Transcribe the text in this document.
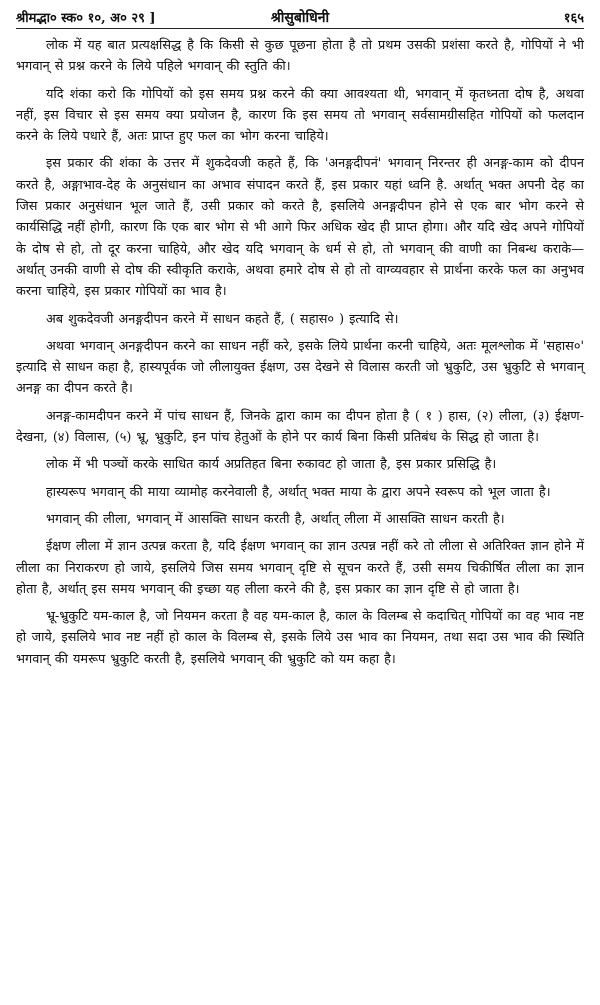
श्रीमद्भा० स्क० १०, अ० २९ ]	श्रीसुबोधिनी	१६५

लोक में यह बात प्रत्यक्षसिद्ध है कि किसी से कुछ पूछना होता है तो प्रथम उसकी प्रशंसा करते है, गोपियों ने भी भगवान् से प्रश्न करने के लिये पहिले भगवान् की स्तुति की।

यदि शंका करो कि गोपियों को इस समय प्रश्न करने की क्या आवश्यता थी, भगवान् में कृतध्नता दोष है, अथवा नहीं, इस विचार से इस समय क्या प्रयोजन है, कारण कि इस समय तो भगवान् सर्वसामग्रीसहित गोपियों को फलदान करने के लिये पधारे हैं, अतः प्राप्त हुए फल का भोग करना चाहिये।

इस प्रकार की शंका के उत्तर में शुकदेवजी कहते हैं, कि 'अनङ्गदीपनं' भगवान् निरन्तर ही अनङ्ग-काम को दीपन करते है, अङ्गाभाव-देह के अनुसंधान का अभाव संपादन करते हैं, इस प्रकार यहां ध्वनि है. अर्थात् भक्त अपनी देह का जिस प्रकार अनुसंधान भूल जाते हैं, उसी प्रकार को करते है, इसलिये अनङ्गदीपन होने से एक बार भोग करने से कार्यसिद्धि नहीं होगी, कारण कि एक बार भोग से भी आगे फिर अधिक खेद ही प्राप्त होगा। और यदि खेद अपने गोपियों के दोष से हो, तो दूर करना चाहिये, और खेद यदि भगवान् के धर्म से हो, तो भगवान् की वाणी का निबन्ध कराके—अर्थात् उनकी वाणी से दोष की स्वीकृति कराके, अथवा हमारे दोष से हो तो वाग्व्यवहार से प्रार्थना करके फल का अनुभव करना चाहिये, इस प्रकार गोपियों का भाव है।

अब शुकदेवजी अनङ्गदीपन करने में साधन कहते हैं, ( सहास० ) इत्यादि से।

अथवा भगवान् अनङ्गदीपन करने का साधन नहीं करे, इसके लिये प्रार्थना करनी चाहिये, अतः मूलश्लोक में 'सहास०' इत्यादि से साधन कहा है, हास्यपूर्वक जो लीलायुक्त ईक्षण, उस देखने से विलास करती जो भ्रुकुटि, उस भ्रुकुटि से भगवान् अनङ्ग का दीपन करते है।

अनङ्ग-कामदीपन करने में पांच साधन हैं, जिनके द्वारा काम का दीपन होता है ( १ ) हास, (२) लीला, (३) ईक्षण-देखना, (४) विलास, (५) भ्रू, भ्रुकुटि, इन पांच हेतुओं के होने पर कार्य बिना किसी प्रतिबंध के सिद्ध हो जाता है।

लोक में भी पञ्चों करके साधित कार्य अप्रतिहत बिना रुकावट हो जाता है, इस प्रकार प्रसिद्धि है।

हास्यरूप भगवान् की माया व्यामोह करनेवाली है, अर्थात् भक्त माया के द्वारा अपने स्वरूप को भूल जाता है।

भगवान् की लीला, भगवान् में आसक्ति साधन करती है, अर्थात् लीला में आसक्ति साधन करती है।

ईक्षण लीला में ज्ञान उत्पन्न करता है, यदि ईक्षण भगवान् का ज्ञान उत्पन्न नहीं करे तो लीला से अतिरिक्त ज्ञान होने में लीला का निराकरण हो जाये, इसलिये जिस समय भगवान् दृष्टि से सूचन करते हैं, उसी समय चिकीर्षित लीला का ज्ञान होता है, अर्थात् इस समय भगवान् की इच्छा यह लीला करने की है, इस प्रकार का ज्ञान दृष्टि से हो जाता है।

भ्रू-भ्रुकुटि यम-काल है, जो नियमन करता है वह यम-काल है, काल के विलम्ब से कदाचित् गोपियों का वह भाव नष्ट हो जाये, इसलिये भाव नष्ट नहीं हो काल के विलम्ब से, इसके लिये उस भाव का नियमन, तथा सदा उस भाव की स्थिति भगवान् की यमरूप भ्रुकुटि करती है, इसलिये भगवान् की भ्रुकुटि को यम कहा है।
